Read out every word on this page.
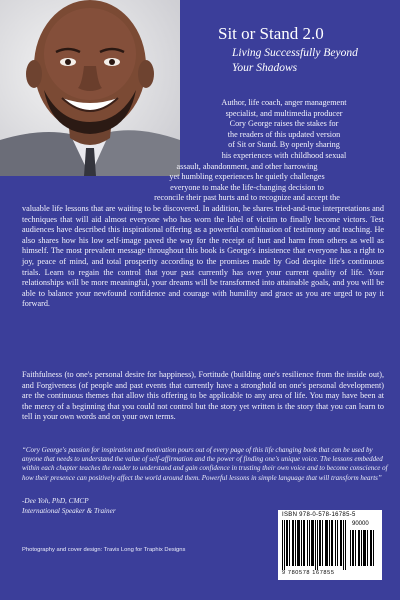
Sit or Stand 2.0
Living Successfully Beyond
Your Shadows
Author, life coach, anger management
specialist, and multimedia producer
Cory George raises the stakes for
the readers of this updated version
of Sit or Stand. By openly sharing
his experiences with childhood sexual
assault, abandonment, and other harrowing
yet humbling experiences he quietly challenges
everyone to make the life-changing decision to
reconcile their past hurts and to recognize and accept the
valuable life lessons that are waiting to be discovered. In addition, he shares tried-and-true interpretations and techniques that will aid almost everyone who has worn the label of victim to finally become victors. Test audiences have described this inspirational offering as a powerful combination of testimony and teaching. He also shares how his low self-image paved the way for the receipt of hurt and harm from others as well as himself. The most prevalent message throughout this book is George's insistence that everyone has a right to joy, peace of mind, and total prosperity according to the promises made by God despite life's continuous trials. Learn to regain the control that your past currently has over your current quality of life. Your relationships will be more meaningful, your dreams will be transformed into attainable goals, and you will be able to balance your newfound confidence and courage with humility and grace as you are urged to pay it forward.
Faithfulness (to one's personal desire for happiness), Fortitude (building one's resilience from the inside out), and Forgiveness (of people and past events that currently have a stronghold on one's personal development) are the continuous themes that allow this offering to be applicable to any area of life. You may have been at the mercy of a beginning that you could not control but the story yet written is the story that you can learn to tell in your own words and on your own terms.
“Cory George's passion for inspiration and motivation pours out of every page of this life changing book that can be used by anyone that needs to understand the value of self-affirmation and the power of finding one's unique voice. The lessons embedded within each chapter teaches the reader to understand and gain confidence in trusting their own voice and to become conscience of how their presence can positively affect the world around them. Powerful lessons in simple language that will transform hearts”
-Dee Yoh, PhD, CMCP
International Speaker & Trainer
Photography and cover design: Travis Long for Traphix Designs
ISBN 978-0-578-16785-5
90000
9 780578 167855
